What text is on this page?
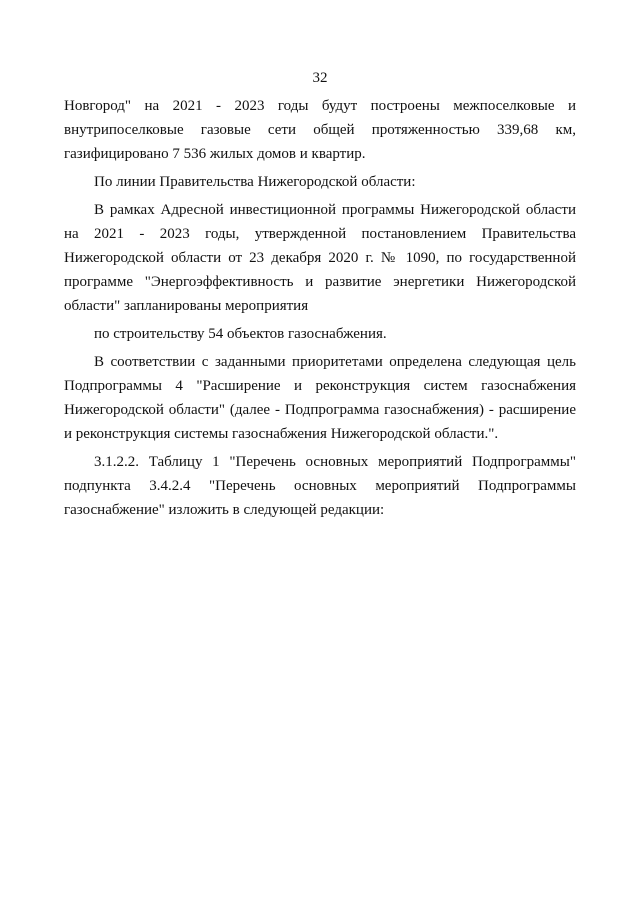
32

Новгород" на 2021 - 2023 годы будут построены межпоселковые и внутрипоселковые газовые сети общей протяженностью 339,68 км, газифицировано 7 536 жилых домов и квартир.

По линии Правительства Нижегородской области:

В рамках Адресной инвестиционной программы Нижегородской области на 2021 - 2023 годы, утвержденной постановлением Правительства Нижегородской области от 23 декабря 2020 г. № 1090, по государственной программе "Энергоэффективность и развитие энергетики Нижегородской области" запланированы мероприятия

по строительству 54 объектов газоснабжения.

В соответствии с заданными приоритетами определена следующая цель Подпрограммы 4 "Расширение и реконструкция систем газоснабжения Нижегородской области" (далее - Подпрограмма газоснабжения) - расширение и реконструкция системы газоснабжения Нижегородской области.".

3.1.2.2. Таблицу 1 "Перечень основных мероприятий Подпрограммы" подпункта 3.4.2.4 "Перечень основных мероприятий Подпрограммы газоснабжение" изложить в следующей редакции:
